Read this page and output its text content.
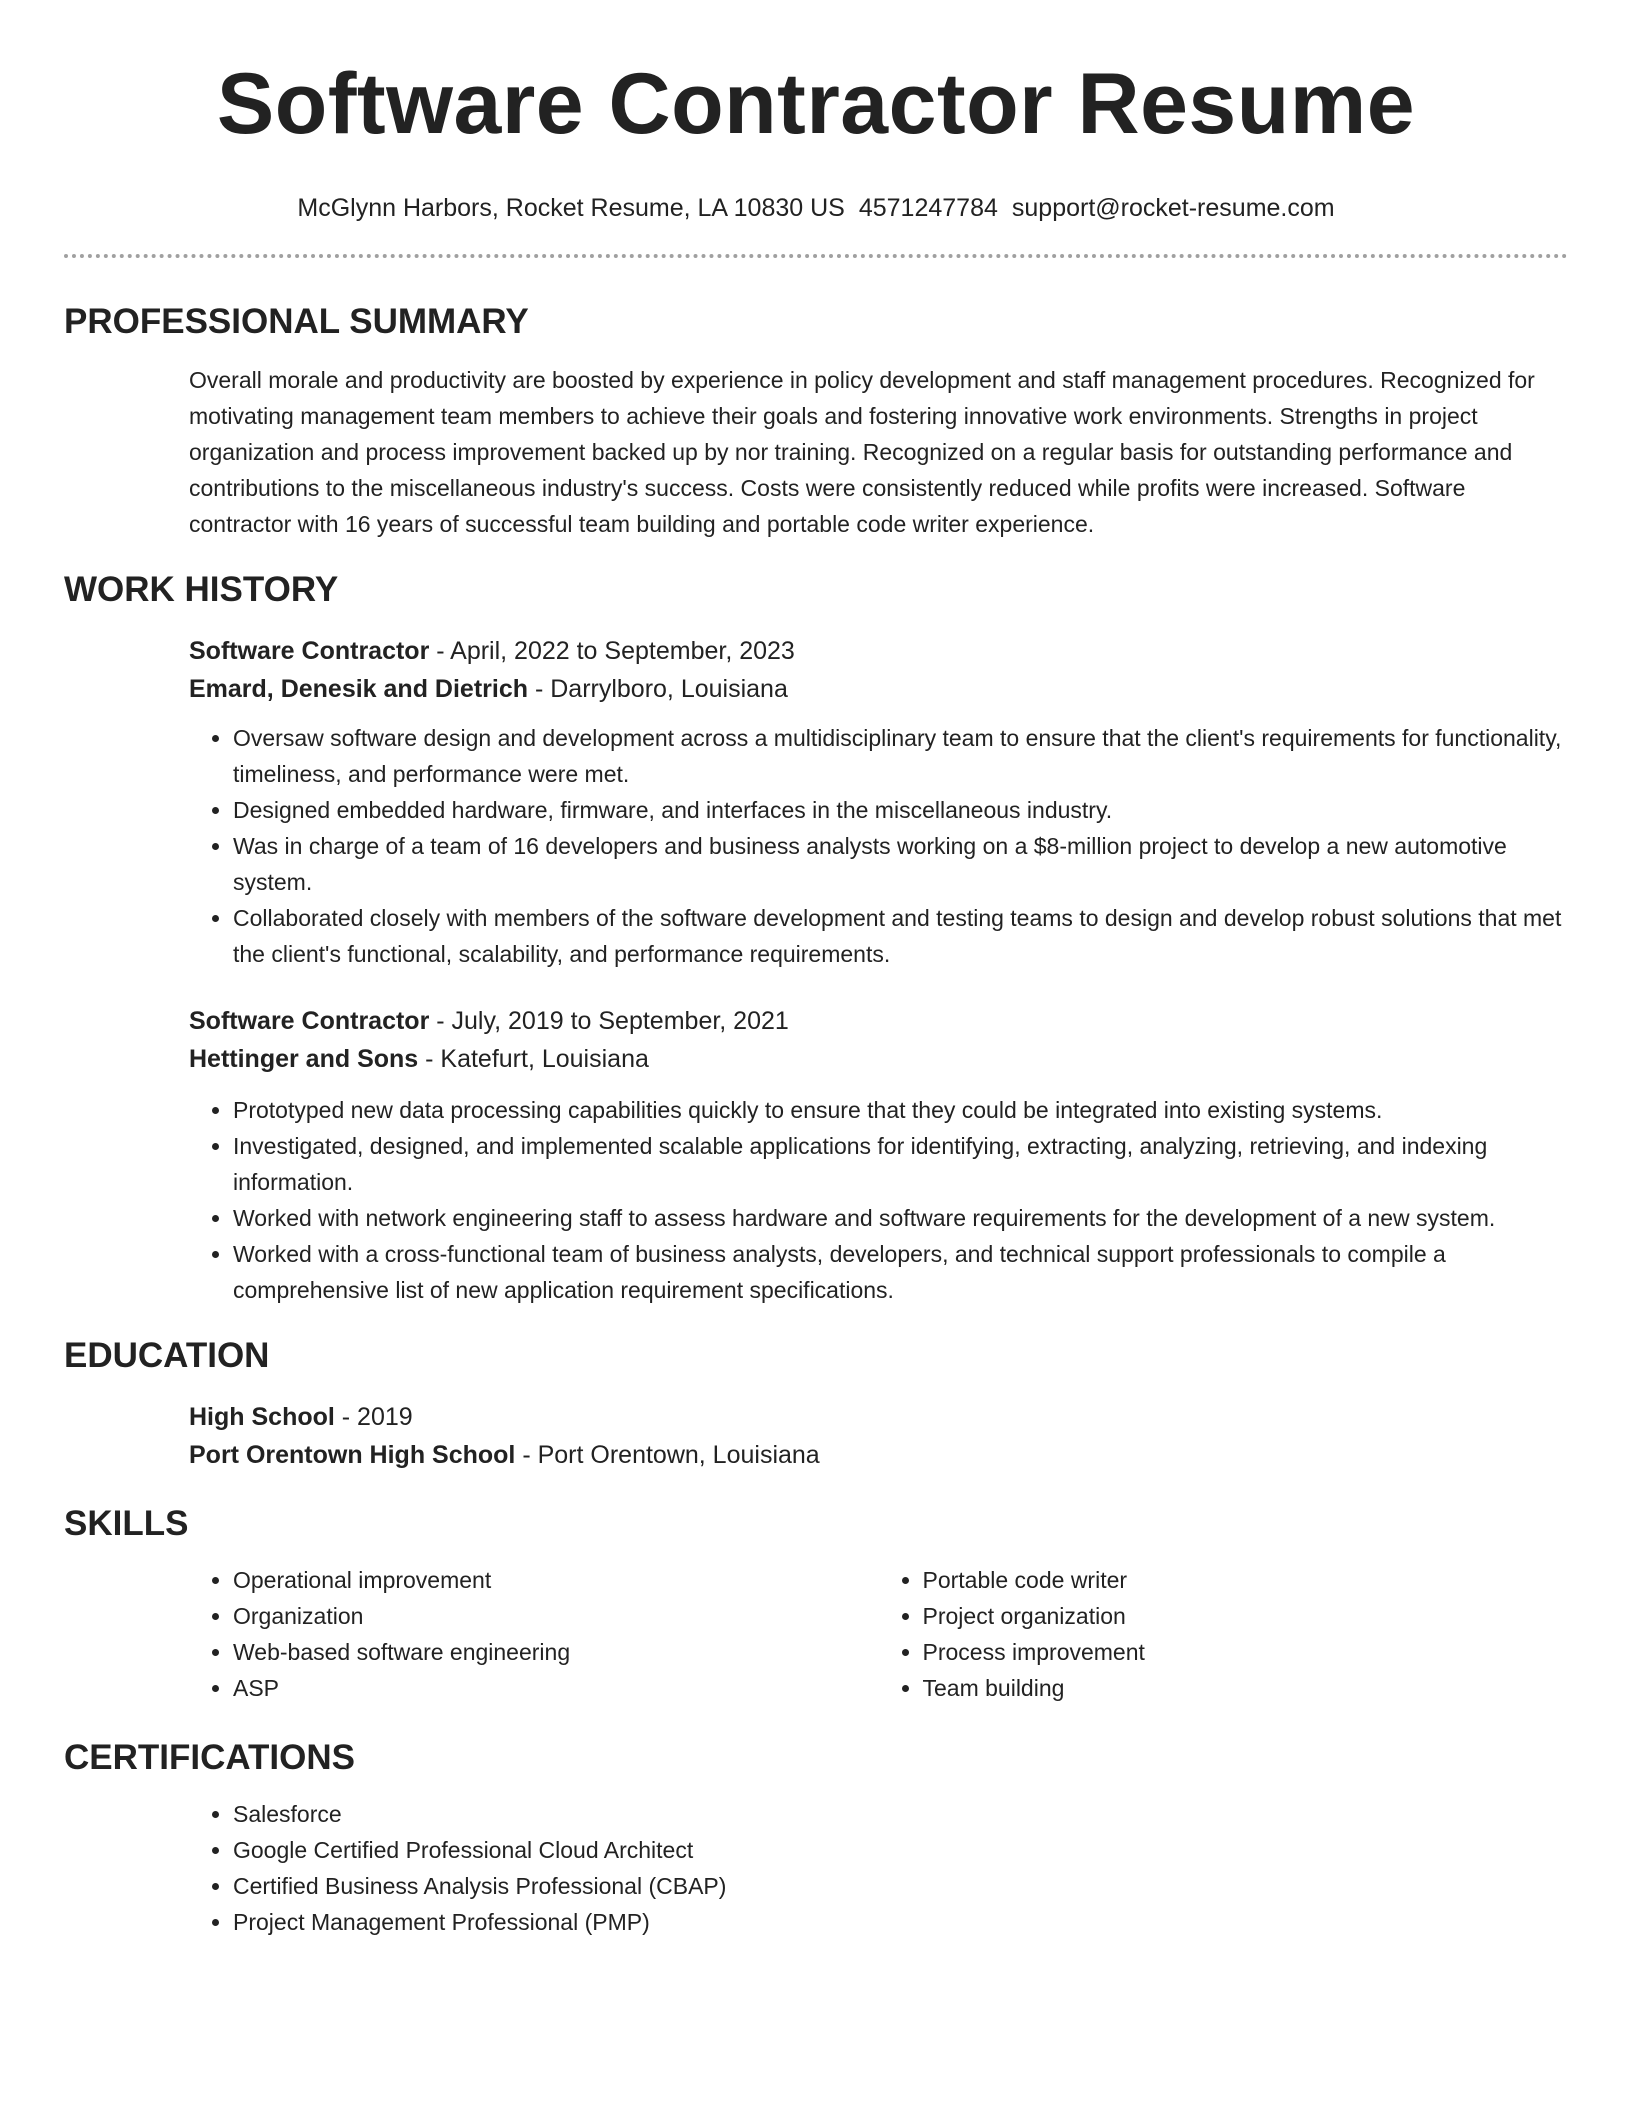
Software Contractor Resume
McGlynn Harbors, Rocket Resume, LA 10830 US 4571247784 support@rocket-resume.com
PROFESSIONAL SUMMARY

Overall morale and productivity are boosted by experience in policy development and staff management procedures. Recognized for motivating management team members to achieve their goals and fostering innovative work environments. Strengths in project organization and process improvement backed up by nor training. Recognized on a regular basis for outstanding performance and contributions to the miscellaneous industry's success. Costs were consistently reduced while profits were increased. Software contractor with 16 years of successful team building and portable code writer experience.

WORK HISTORY

Software Contractor - April, 2022 to September, 2023

Emard, Denesik and Dietrich - Darrylboro, Louisiana

• Oversaw software design and development across a multidisciplinary team to ensure that the client's requirements for functionality, timeliness, and performance were met.
• Designed embedded hardware, firmware, and interfaces in the miscellaneous industry.
• Was in charge of a team of 16 developers and business analysts working on a $8-million project to develop a new automotive system.
• Collaborated closely with members of the software development and testing teams to design and develop robust solutions that met the client's functional, scalability, and performance requirements.

Software Contractor - July, 2019 to September, 2021

Hettinger and Sons - Katefurt, Louisiana

• Prototyped new data processing capabilities quickly to ensure that they could be integrated into existing systems.
• Investigated, designed, and implemented scalable applications for identifying, extracting, analyzing, retrieving, and indexing information.
• Worked with network engineering staff to assess hardware and software requirements for the development of a new system.
• Worked with a cross-functional team of business analysts, developers, and technical support professionals to compile a comprehensive list of new application requirement specifications.
EDUCATION

High School - 2019

Port Orentown High School - Port Orentown, Louisiana

SKILLS
• Operational improvement
• Organization
• Web-based software engineering
• ASP
• Portable code writer
• Project organization
• Process improvement
• Team building
CERTIFICATIONS
• Salesforce
• Google Certified Professional Cloud Architect
• Certified Business Analysis Professional (CBAP)
• Project Management Professional (PMP)
